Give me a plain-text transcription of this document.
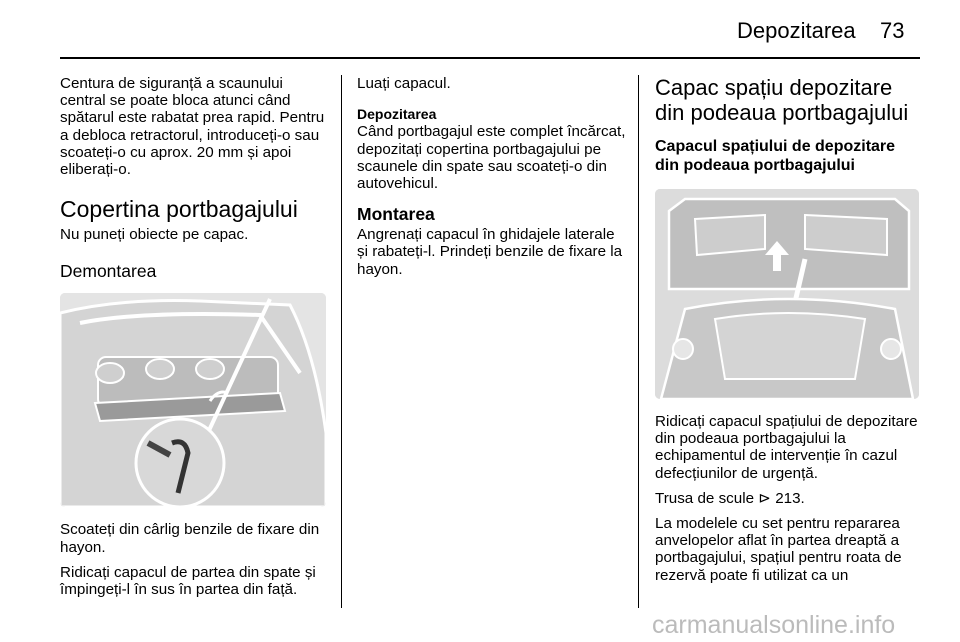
Depozitarea 73

Centura de siguranță a scaunului central se poate bloca atunci când spătarul este rabatat prea rapid. Pentru a debloca retractorul, introduceți-o sau scoateți-o cu aprox. 20 mm și apoi eliberați-o.

Copertina portbagajului

Nu puneți obiecte pe capac.

Demontarea

Scoateți din cârlig benzile de fixare din hayon.

Ridicați capacul de partea din spate și împingeți-l în sus în partea din față.

Luați capacul.

Depozitarea

Când portbagajul este complet încărcat, depozitați copertina portbagajului pe scaunele din spate sau scoateți-o din autovehicul.

Montarea

Angrenați capacul în ghidajele laterale și rabateți-l. Prindeți benzile de fixare la hayon.

Capac spațiu depozitare din podeaua portbagajului
Capacul spațiului de depozitare din podeaua portbagajului

Ridicați capacul spațiului de depozitare din podeaua portbagajului la echipamentul de intervenție în cazul defecțiunilor de urgență.

Trusa de scule ⊳ 213.

La modelele cu set pentru repararea anvelopelor aflat în partea dreaptă a portbagajului, spațiul pentru roata de rezervă poate fi utilizat ca un

carmanualsonline.info
